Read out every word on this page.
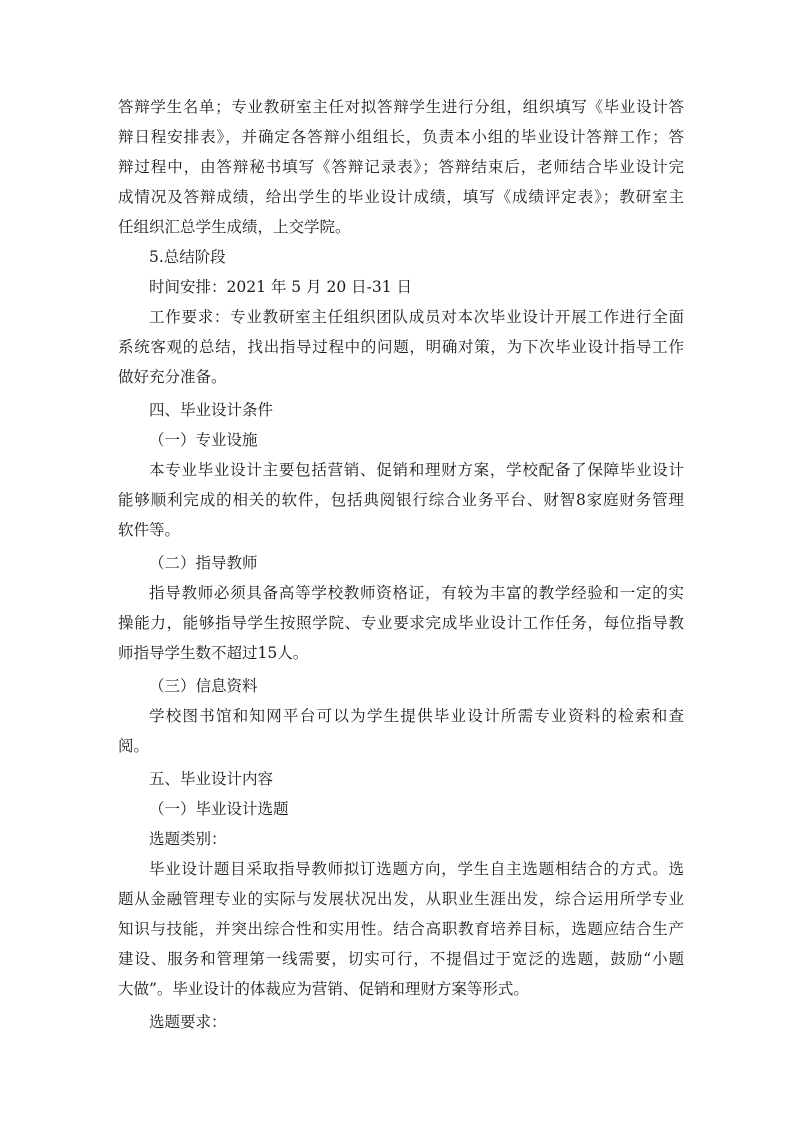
答辩学生名单；专业教研室主任对拟答辩学生进行分组，组织填写《毕业设计答
辩日程安排表》，并确定各答辩小组组长，负责本小组的毕业设计答辩工作；答
辩过程中，由答辩秘书填写《答辩记录表》；答辩结束后，老师结合毕业设计完
成情况及答辩成绩，给出学生的毕业设计成绩，填写《成绩评定表》；教研室主
任组织汇总学生成绩，上交学院。
5.总结阶段
时间安排：2021 年 5 月 20 日-31 日
工作要求：专业教研室主任组织团队成员对本次毕业设计开展工作进行全面
系统客观的总结，找出指导过程中的问题，明确对策，为下次毕业设计指导工作
做好充分准备。
四、毕业设计条件
（一）专业设施
本专业毕业设计主要包括营销、促销和理财方案，学校配备了保障毕业设计
能够顺利完成的相关的软件，包括典阅银行综合业务平台、财智8家庭财务管理
软件等。
（二）指导教师
指导教师必须具备高等学校教师资格证，有较为丰富的教学经验和一定的实
操能力，能够指导学生按照学院、专业要求完成毕业设计工作任务，每位指导教
师指导学生数不超过15人。
（三）信息资料
学校图书馆和知网平台可以为学生提供毕业设计所需专业资料的检索和查
阅。
五、毕业设计内容
（一）毕业设计选题
选题类别：
毕业设计题目采取指导教师拟订选题方向，学生自主选题相结合的方式。选
题从金融管理专业的实际与发展状况出发，从职业生涯出发，综合运用所学专业
知识与技能，并突出综合性和实用性。结合高职教育培养目标，选题应结合生产
建设、服务和管理第一线需要，切实可行，不提倡过于宽泛的选题，鼓励“小题
大做”。毕业设计的体裁应为营销、促销和理财方案等形式。
选题要求：
